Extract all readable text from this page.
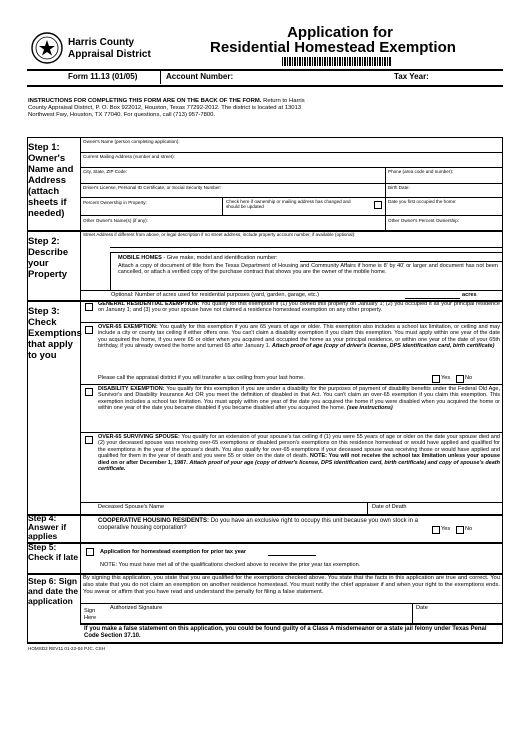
Harris County
Appraisal District
Application for
Residential Homestead Exemption
Form 11.13 (01/05)	Account Number:	Tax Year:
INSTRUCTIONS FOR COMPLETING THIS FORM ARE ON THE BACK OF THE FORM. Return to Harris County Appraisal District, P. O. Box 922012, Houston, Texas 77292-2012. The district is located at 13013 Northwest Fwy, Houston, TX 77040. For questions, call (713) 957-7800.
Step 1: Owner's Name and Address (attach sheets if needed)
Owner's Name (person completing application):
Current Mailing Address (number and street):
City, State, ZIP Code:	Phone (area code and number):
Driver's License, Personal ID Certificate, or Social Security Number:	Birth Date:
Percent Ownership in Property:	Check here if ownership or mailing address has changed and should be updated
Date you first occupied the home:
Other Owner's Name(s) (if any):	Other Owner's Percent Ownership:
Step 2: Describe your Property
Street Address if different from above, or legal description if no street address, include property account number, if available (optional):
MOBILE HOMES - Give make, model and identification number:
Attach a copy of document of title from the Texas Department of Housing and Community Affairs if home is 8' by 40' or larger and document has not been cancelled, or attach a verified copy of the purchase contract that shows you are the owner of the mobile home.
Optional: Number of acres used for residential purposes (yard, garden, garage, etc.)	acres
Step 3: Check Exemptions that apply to you
GENERAL RESIDENTIAL EXEMPTION: You qualify for this exemption if (1) you owned this property on January 1; (2) you occupied it as your principal residence on January 1; and (3) you or your spouse have not claimed a residence homestead exemption on any other property.
OVER-65 EXEMPTION: You qualify for this exemption if you are 65 years of age or older. This exemption also includes a school tax limitation, or ceiling and may include a city or county tax ceiling if either offers one. You can't claim a disability exemption if you claim this exemption. You must apply within one year of the date you acquired the home, if you were 65 or older when you acquired and occupied the home as your principal residence, or within one year of the date of your 65th birthday, if you already owned the home and turned 65 after January 1. Attach proof of age (copy of driver's license, DPS identification card, birth certificate)
Please call the appraisal district if you will transfer a tax ceiling from your last home.	Yes	No
DISABILITY EXEMPTION: You qualify for this exemption if you are under a disability for the purposes of payment of disability benefits under the Federal Old Age, Survivor's and Disability Insurance Act OR you meet the definition of disabled in that Act. You can't claim an over-65 exemption if you claim this exemption. This exemption includes a school tax limitation. You must apply within one year of the date you acquired the home if you were disabled when you acquired the home or within one year of the date you became disabled if you became disabled after you acquired the home. (see instructions)
OVER-65 SURVIVING SPOUSE: You qualify for an extension of your spouse's tax ceiling if (1) you were 55 years of age or older on the date your spouse died and (2) your deceased spouse was receiving over-65 exemptions or disabled person's exemptions on this residence homestead or would have applied and qualified for the exemptions in the year of the spouse's death. You also qualify for over-65 exemptions if your deceased spouse was receiving those or would have applied and qualified for them in the year of death and you were 55 or older on the date of death. NOTE: You will not receive the school tax limitation unless your spouse died on or after December 1, 1987. Attach proof of your age (copy of driver's license, DPS identification card, birth certificate) and copy of spouse's death certificate.
Deceased Spouse's Name	Date of Death
Step 4: Answer if applies
COOPERATIVE HOUSING RESIDENTS: Do you have an exclusive right to occupy this unit because you own stock in a cooperative housing corporation?	Yes	No
Step 5: Check if late	Application for homestead exemption for prior tax year
NOTE: You must have met all of the qualifications checked above to receive the prior year tax exemption.
Step 6: Sign and date the application
By signing this application, you state that you are qualified for the exemptions checked above. You state that the facts in this application are true and correct. You also state that you do not claim an exemption on another residence homestead. You must notify the chief appraiser if and when your right to the exemptions ends. You swear or affirm that you have read and understand the penalty for filing a false statement.
Sign Here
Authorized Signature	Date
If you make a false statement on this application, you could be found guilty of a Class A misdemeanor or a state jail felony under Texas Penal Code Section 37.10.
HOMSD2 REV11 01-22-04 PJC. CSH
